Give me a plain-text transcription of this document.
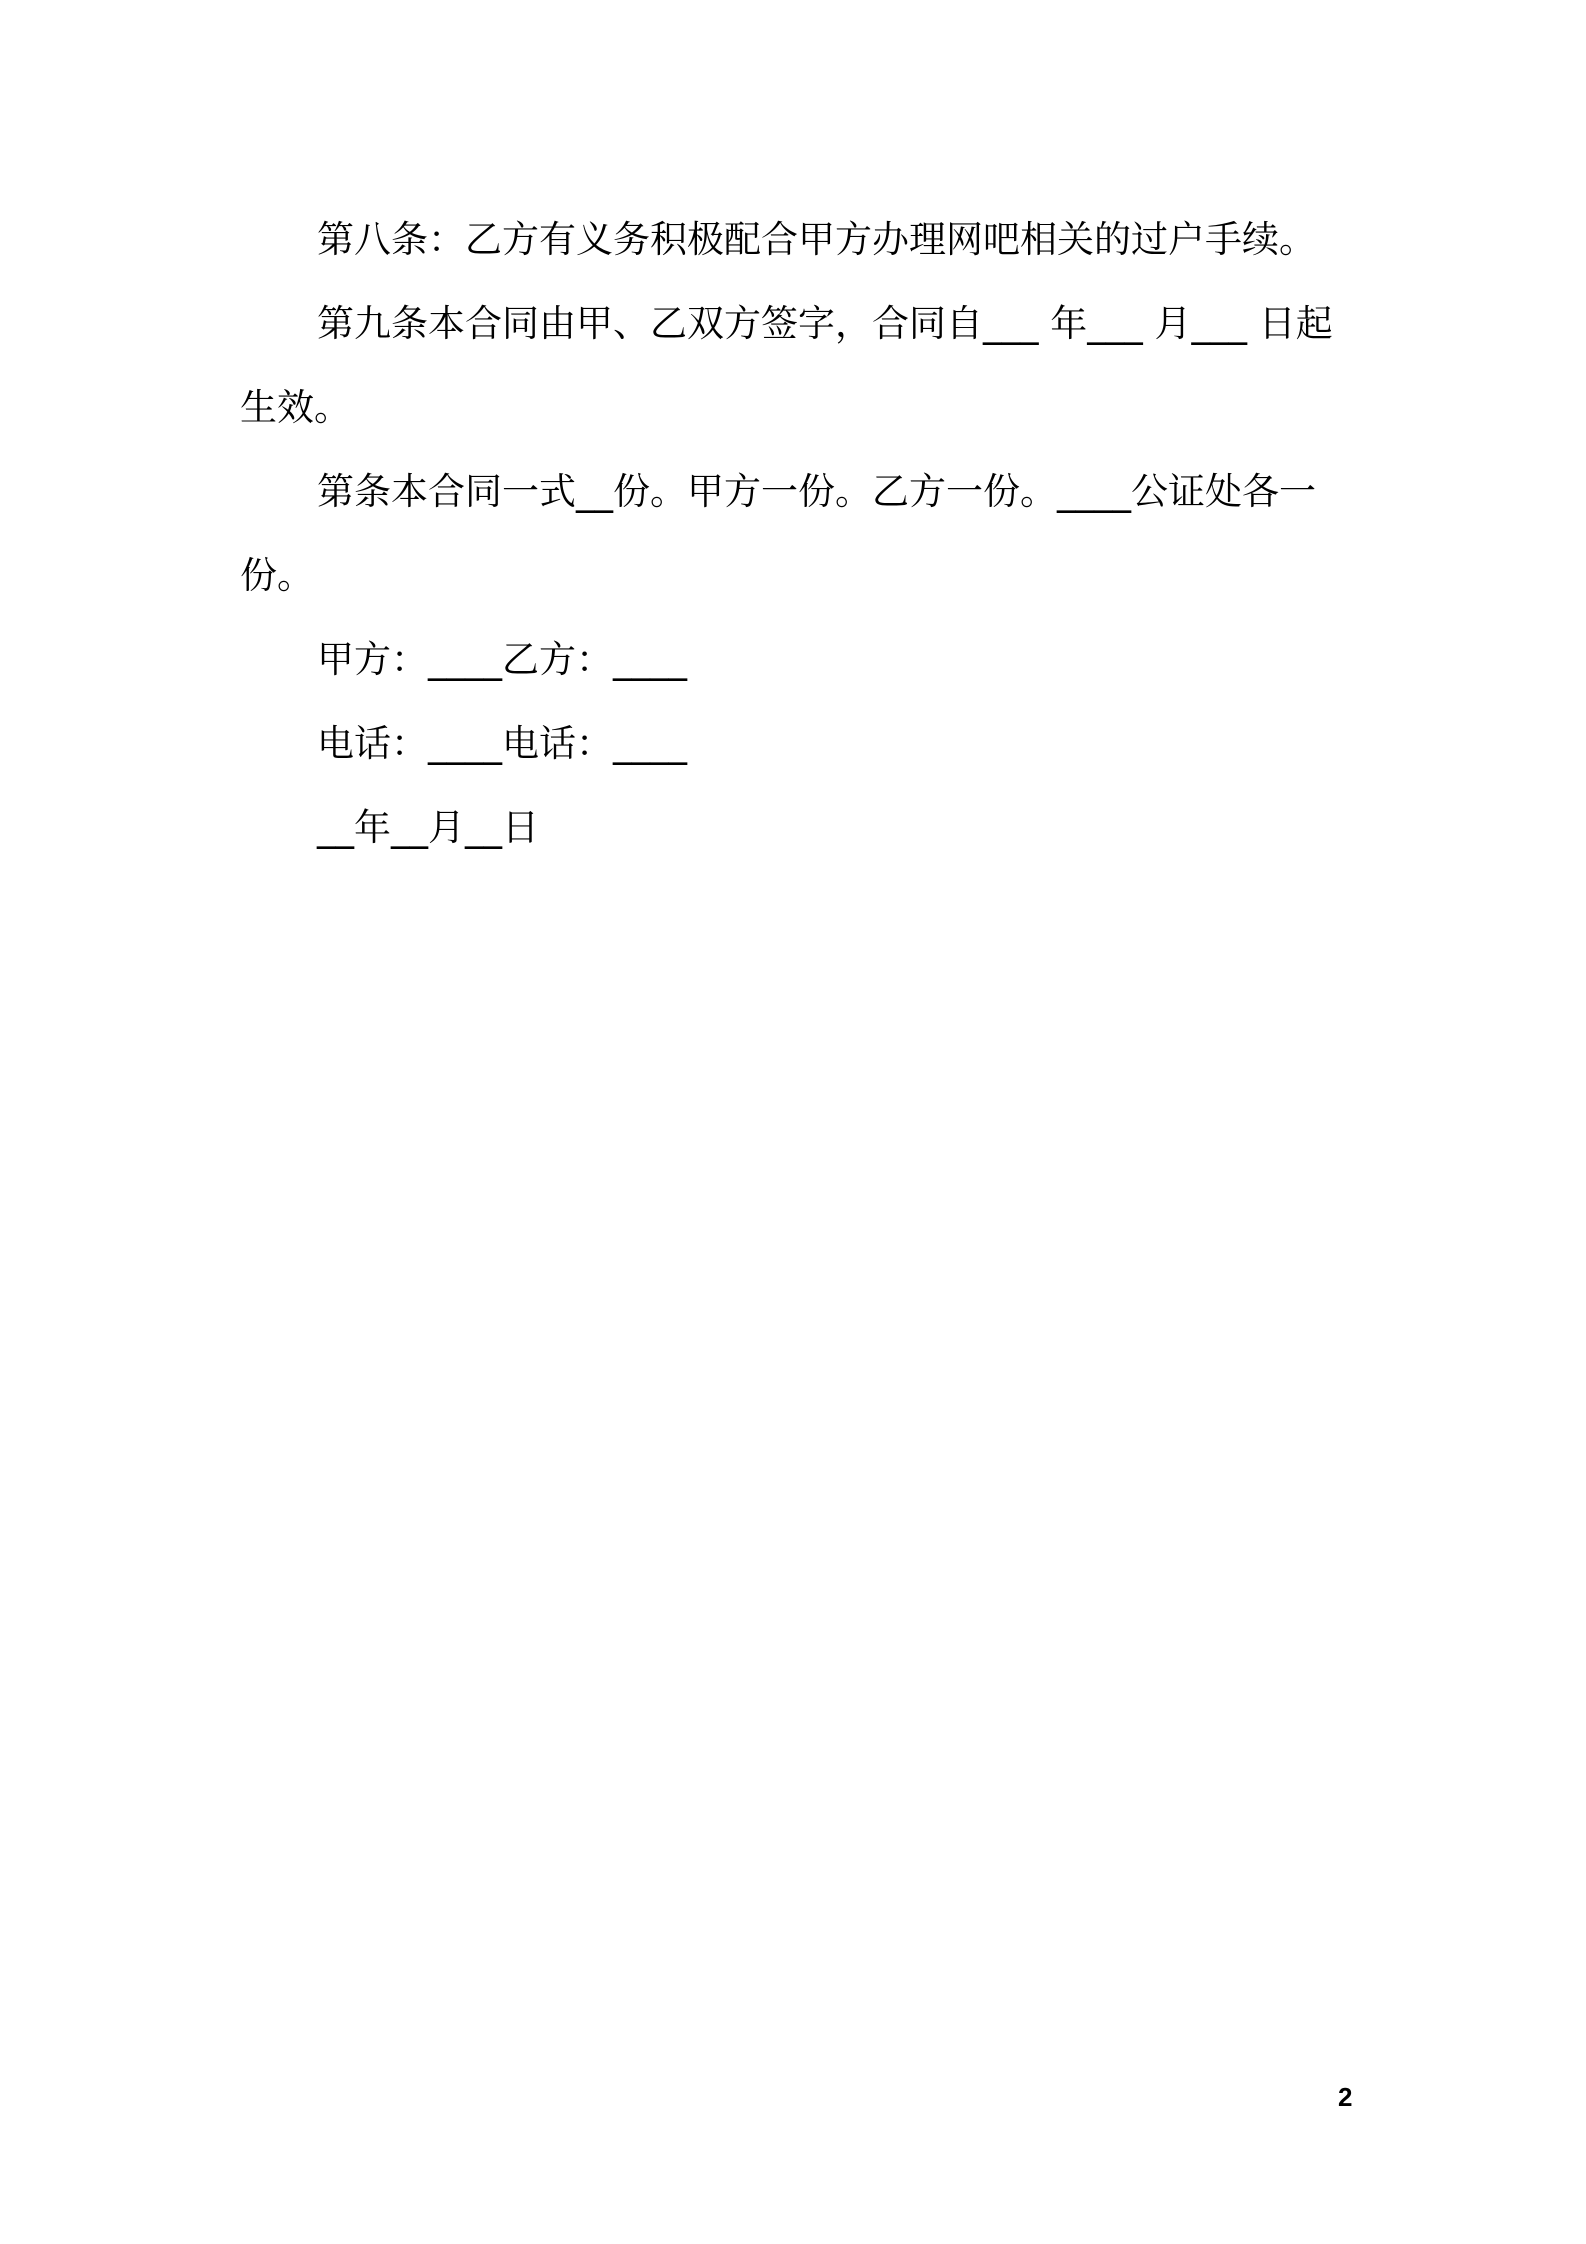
第八条：乙方有义务积极配合甲方办理网吧相关的过户手续。

第九条本合同由甲、乙双方签字，合同自___ 年___ 月___ 日起生效。

第条本合同一式__份。甲方一份。乙方一份。____公证处各一份。

甲方：____乙方：____

电话：____电话：____

__年__月__日

2
